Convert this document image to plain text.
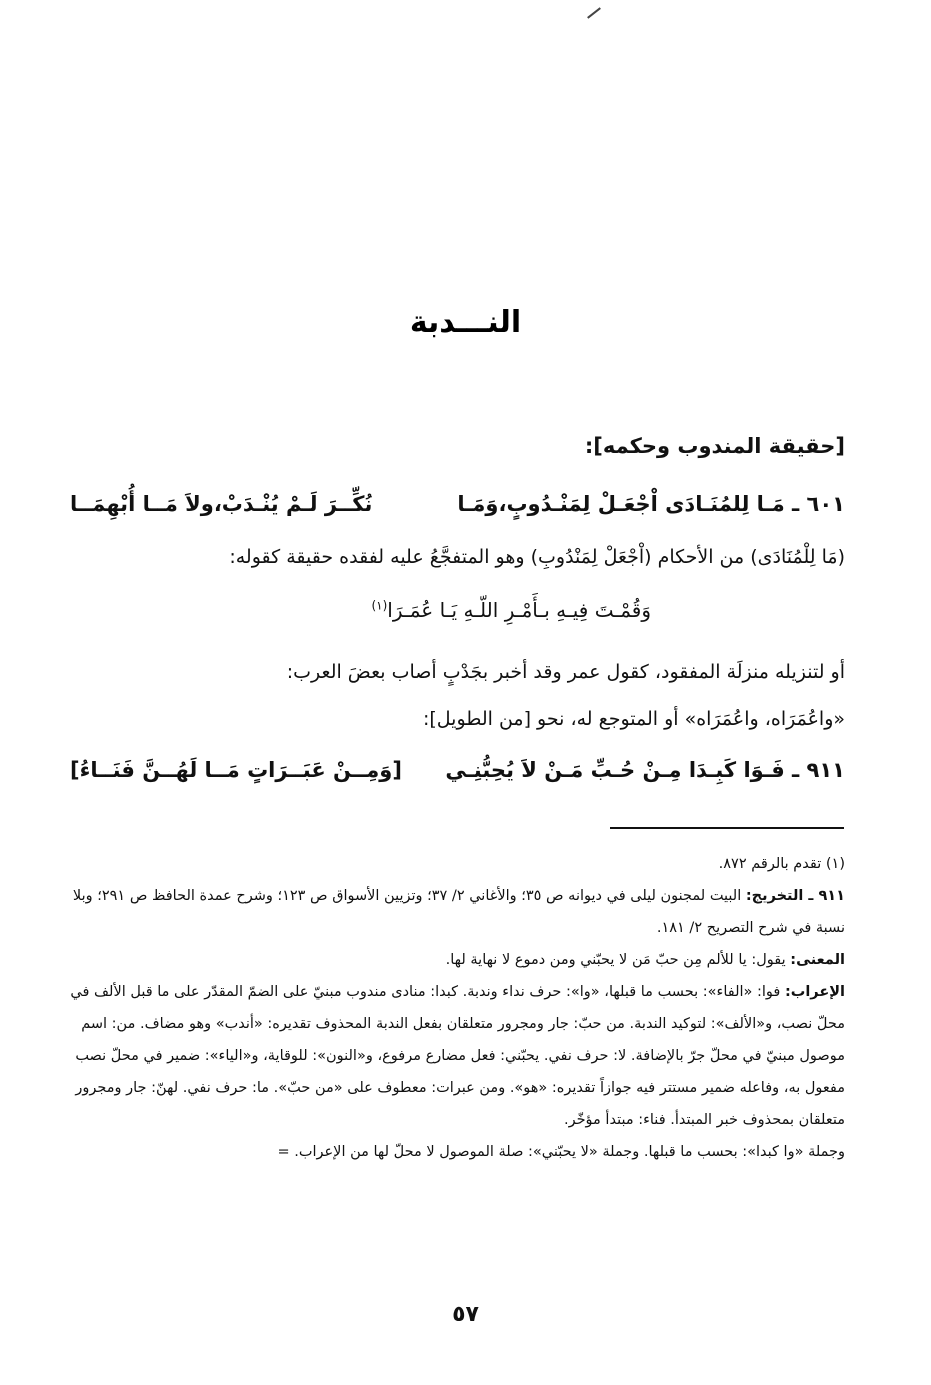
النـــدبة
[حقيقة المندوب وحكمه]:
٦٠١ ـ مَـا لِلمُنَـادَى اْجْعَـلْ لِمَنْـدُوبٍ،وَمَـا
نُكِّــرَ لَـمْ يُنْـدَبْ،ولاَ مَــا أُبْهِمَــا
(مَا لِلْمُنَادَى) من الأحكام (اْجْعَلْ لِمَنْدُوبِ) وهو المتفجَّعُ عليه لفقده حقيقة كقوله:
وَقُمْـتَ فِيـهِ بـأَمْـرِ اللّـهِ يَـا عُمَـرَا$^{(١)}$
أو لتنزيله منزلَة المفقود، كقول عمر وقد أخبر بجَدْبٍ أصاب بعضَ العرب:
«واعُمَرَاه، واعُمَرَاه» أو المتوجع له، نحو [من الطويل]:
٩١١ ـ فَـوَا كَبِـدَا مِـنْ حُـبِّ مَـنْ لاَ يُحِبُّنِـي
[وَمِــنْ عَبَــرَاتٍ مَــا لَهُــنَّ فَنَــاءُ]

(١) تقدم بالرقم ٨٧٢.

٩١١ ـ التخريج: البيت لمجنون ليلى في ديوانه ص ٣٥؛ والأغاني ٢/ ٣٧؛ وتزيين الأسواق ص ١٢٣؛ وشرح عمدة الحافظ ص ٢٩١؛ وبلا نسبة في شرح التصريح ٢/ ١٨١.

المعنى: يقول: يا للألم مِن حبّ مَن لا يحبّني ومن دموع لا نهاية لها.

الإعراب: فوا: «الفاء»: بحسب ما قبلها، «وا»: حرف نداء وندبة. كبدا: منادى مندوب مبنيّ على الضمّ المقدّر على ما قبل الألف في محلّ نصب، و«الألف»: لتوكيد الندبة. من حبّ: جار ومجرور متعلقان بفعل الندبة المحذوف تقديره: «أندب» وهو مضاف. من: اسم موصول مبنيّ في محلّ جرّ بالإضافة. لا: حرف نفي. يحبّني: فعل مضارع مرفوع، و«النون»: للوقاية، و«الياء»: ضمير في محلّ نصب مفعول به، وفاعله ضمير مستتر فيه جوازاً تقديره: «هو». ومن عبرات: معطوف على «من حبّ». ما: حرف نفي. لهنّ: جار ومجرور متعلقان بمحذوف خبر المبتدأ. فناء: مبتدأ مؤخّر.

وجملة «وا كبدا»: بحسب ما قبلها. وجملة «لا يحبّني»: صلة الموصول لا محلّ لها من الإعراب. =

٥٧
